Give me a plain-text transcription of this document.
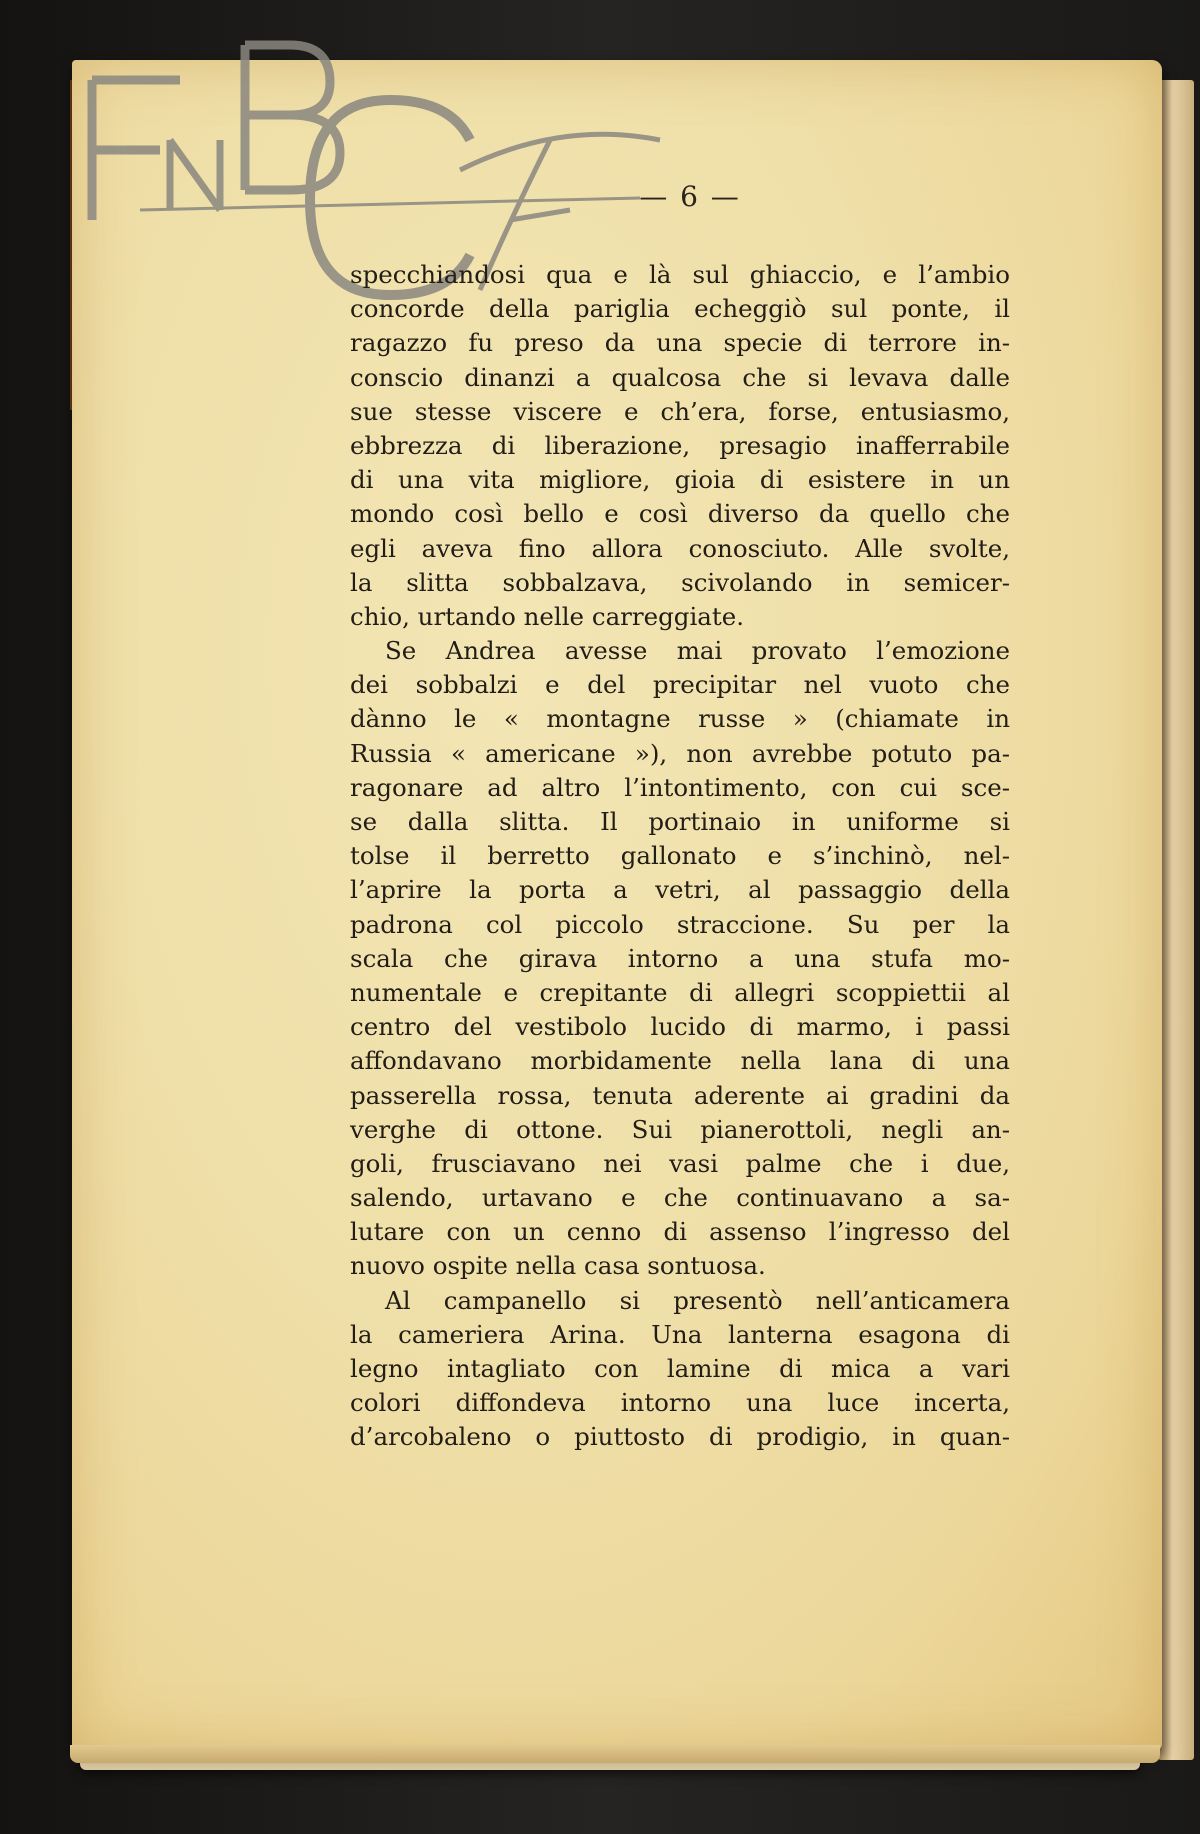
— 6 —
specchiandosi qua e là sul ghiaccio, e l’ambio
concorde della pariglia echeggiò sul ponte, il
ragazzo fu preso da una specie di terrore in-
conscio dinanzi a qualcosa che si levava dalle
sue stesse viscere e ch’era, forse, entusiasmo,
ebbrezza di liberazione, presagio inafferrabile
di una vita migliore, gioia di esistere in un
mondo così bello e così diverso da quello che
egli aveva fino allora conosciuto. Alle svolte,
la slitta sobbalzava, scivolando in semicer-
chio, urtando nelle carreggiate.
Se Andrea avesse mai provato l’emozione
dei sobbalzi e del precipitar nel vuoto che
dànno le « montagne russe » (chiamate in
Russia « americane »), non avrebbe potuto pa-
ragonare ad altro l’intontimento, con cui sce-
se dalla slitta. Il portinaio in uniforme si
tolse il berretto gallonato e s’inchinò, nel-
l’aprire la porta a vetri, al passaggio della
padrona col piccolo straccione. Su per la
scala che girava intorno a una stufa mo-
numentale e crepitante di allegri scoppiettii al
centro del vestibolo lucido di marmo, i passi
affondavano morbidamente nella lana di una
passerella rossa, tenuta aderente ai gradini da
verghe di ottone. Sui pianerottoli, negli an-
goli, frusciavano nei vasi palme che i due,
salendo, urtavano e che continuavano a sa-
lutare con un cenno di assenso l’ingresso del
nuovo ospite nella casa sontuosa.
Al campanello si presentò nell’anticamera
la cameriera Arina. Una lanterna esagona di
legno intagliato con lamine di mica a vari
colori diffondeva intorno una luce incerta,
d’arcobaleno o piuttosto di prodigio, in quan-
